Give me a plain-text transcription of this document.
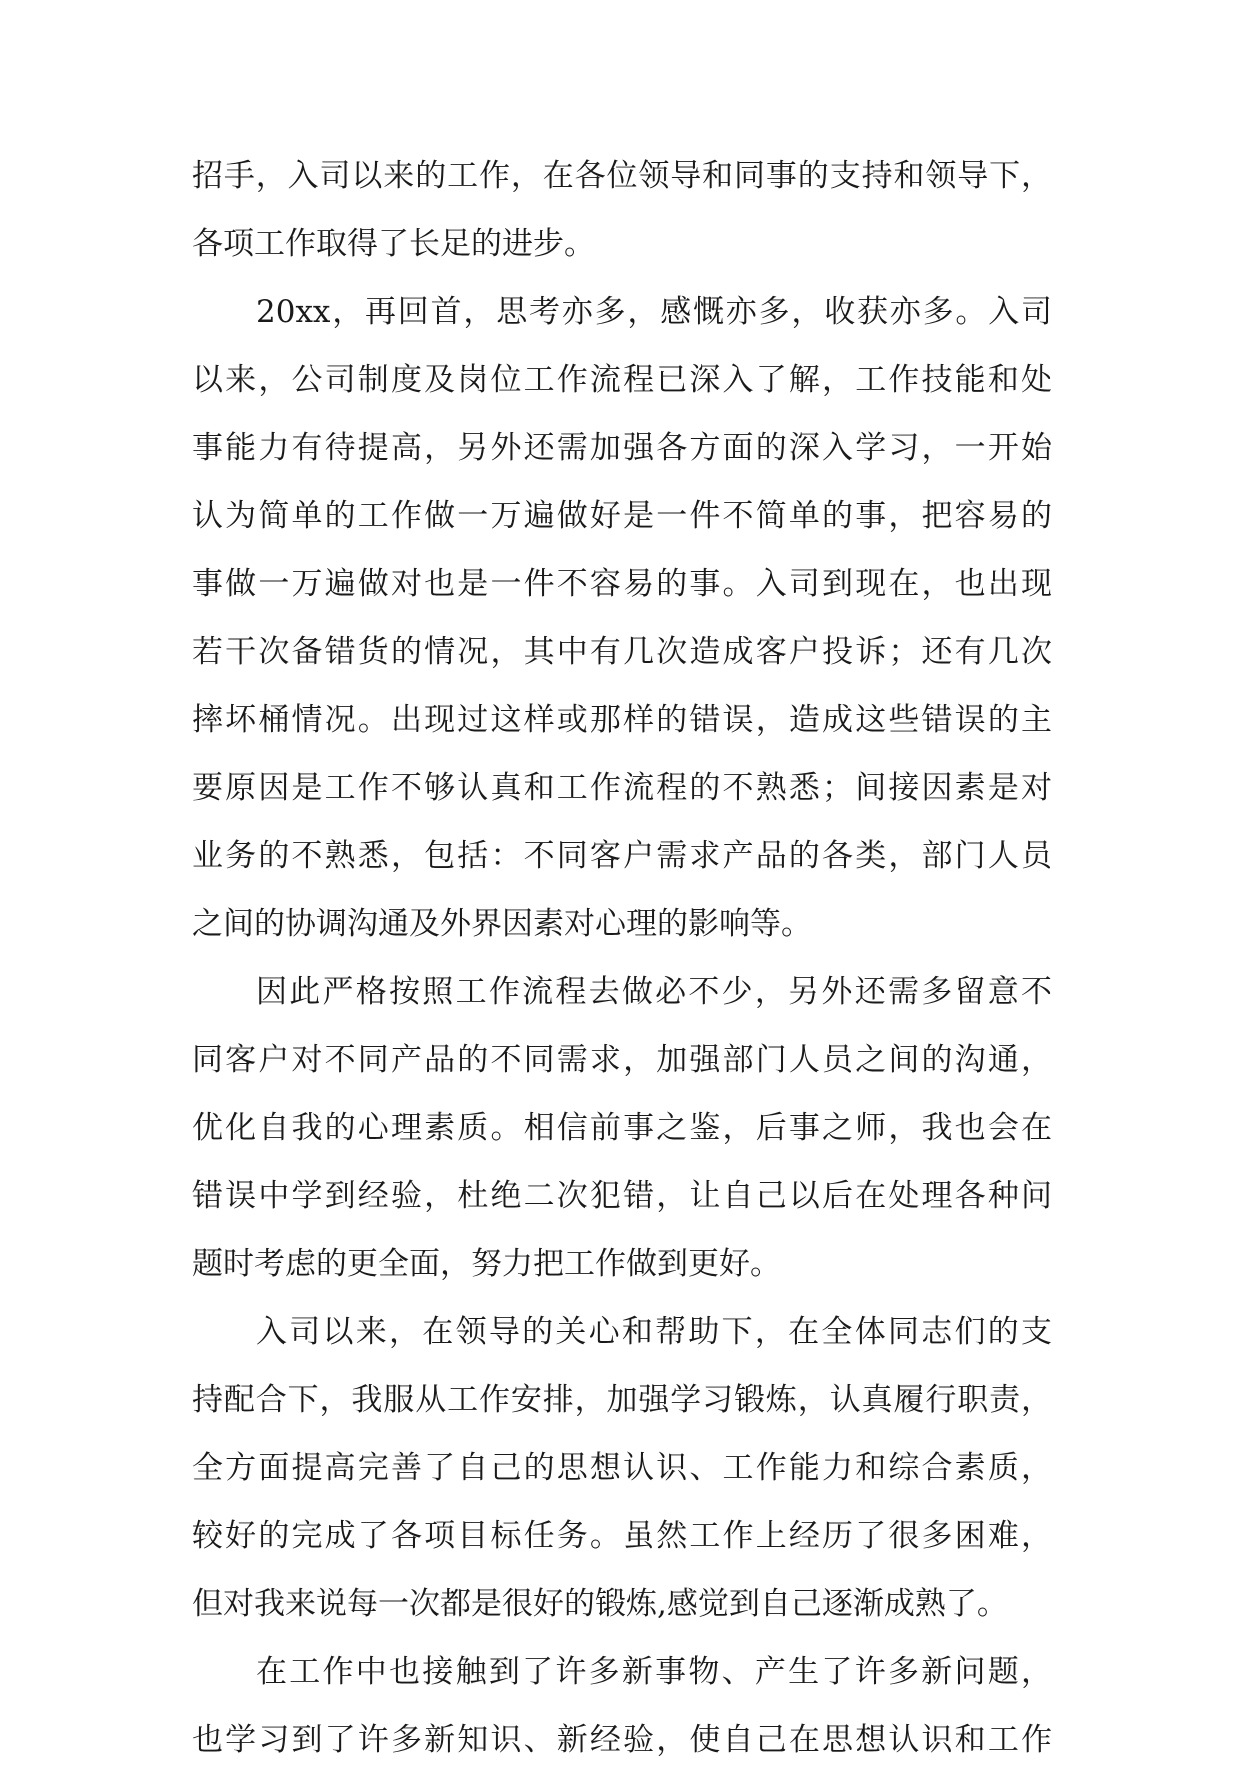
招手，入司以来的工作，在各位领导和同事的支持和领导下，
各项工作取得了长足的进步。
20xx，再回首，思考亦多，感慨亦多，收获亦多。入司
以来，公司制度及岗位工作流程已深入了解，工作技能和处
事能力有待提高，另外还需加强各方面的深入学习，一开始
认为简单的工作做一万遍做好是一件不简单的事，把容易的
事做一万遍做对也是一件不容易的事。入司到现在，也出现
若干次备错货的情况，其中有几次造成客户投诉；还有几次
摔坏桶情况。出现过这样或那样的错误，造成这些错误的主
要原因是工作不够认真和工作流程的不熟悉；间接因素是对
业务的不熟悉，包括：不同客户需求产品的各类，部门人员
之间的协调沟通及外界因素对心理的影响等。
因此严格按照工作流程去做必不少，另外还需多留意不
同客户对不同产品的不同需求，加强部门人员之间的沟通，
优化自我的心理素质。相信前事之鉴，后事之师，我也会在
错误中学到经验，杜绝二次犯错，让自己以后在处理各种问
题时考虑的更全面，努力把工作做到更好。
入司以来，在领导的关心和帮助下，在全体同志们的支
持配合下，我服从工作安排，加强学习锻炼，认真履行职责，
全方面提高完善了自己的思想认识、工作能力和综合素质，
较好的完成了各项目标任务。虽然工作上经历了很多困难，
但对我来说每一次都是很好的锻炼,感觉到自己逐渐成熟了。
在工作中也接触到了许多新事物、产生了许多新问题，
也学习到了许多新知识、新经验，使自己在思想认识和工作
